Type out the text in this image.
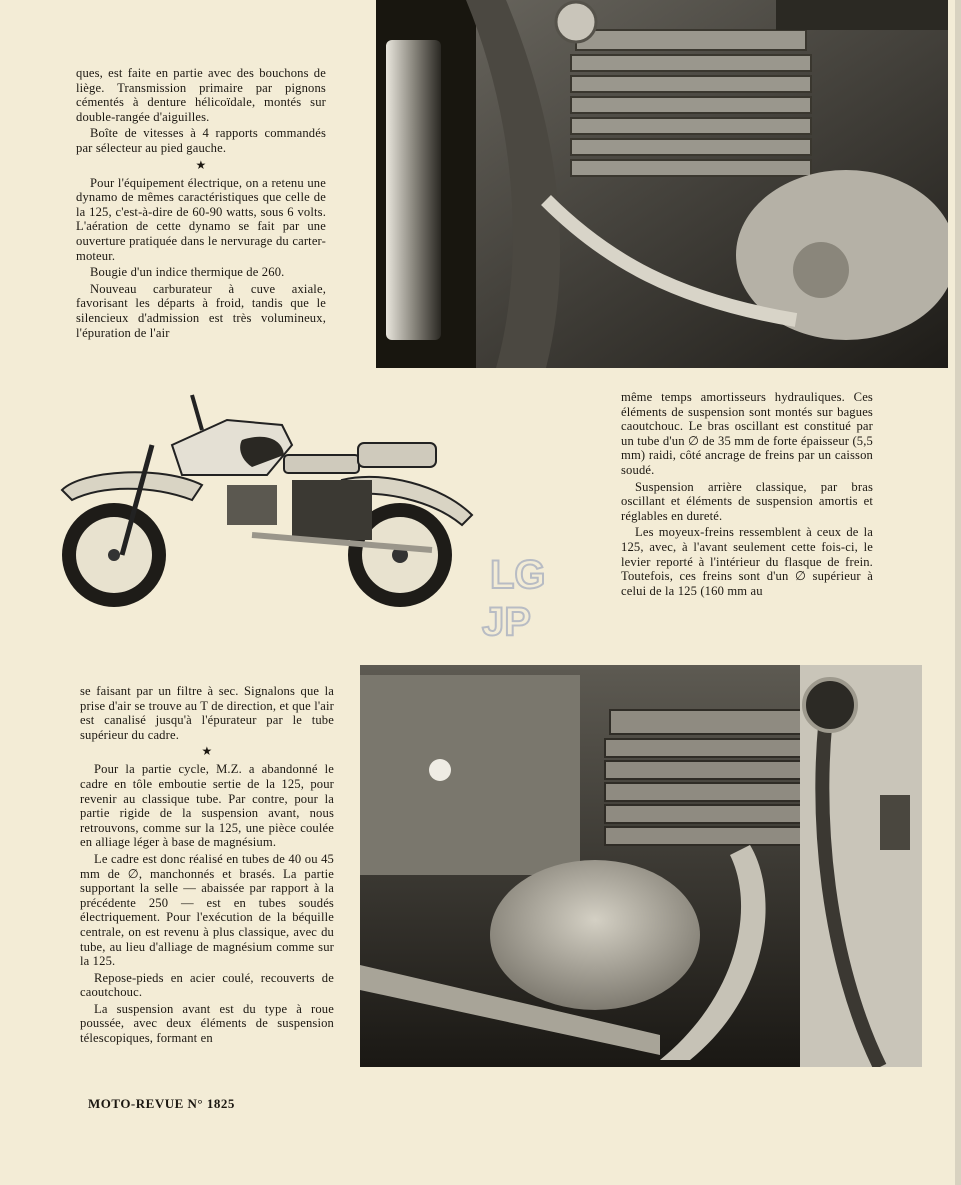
ques, est faite en partie avec des bouchons de liège. Transmission primaire par pignons cémentés à denture hélicoïdale, montés sur double-rangée d'aiguilles.

Boîte de vitesses à 4 rapports commandés par sélecteur au pied gauche.

★

Pour l'équipement électrique, on a retenu une dynamo de mêmes caractéristiques que celle de la 125, c'est-à-dire de 60-90 watts, sous 6 volts. L'aération de cette dynamo se fait par une ouverture pratiquée dans le nervurage du carter-moteur.

Bougie d'un indice thermique de 260.

Nouveau carburateur à cuve axiale, favorisant les départs à froid, tandis que le silencieux d'admission est très volumineux, l'épuration de l'air

LG
JP

même temps amortisseurs hydrauliques. Ces éléments de suspension sont montés sur bagues caoutchouc. Le bras oscillant est constitué par un tube d'un ∅ de 35 mm de forte épaisseur (5,5 mm) raidi, côté ancrage de freins par un caisson soudé.

Suspension arrière classique, par bras oscillant et éléments de suspension amortis et réglables en dureté.

Les moyeux-freins ressemblent à ceux de la 125, avec, à l'avant seulement cette fois-ci, le levier reporté à l'intérieur du flasque de frein. Toutefois, ces freins sont d'un ∅ supérieur à celui de la 125 (160 mm au

se faisant par un filtre à sec. Signalons que la prise d'air se trouve au T de direction, et que l'air est canalisé jusqu'à l'épurateur par le tube supérieur du cadre.

★

Pour la partie cycle, M.Z. a abandonné le cadre en tôle emboutie sertie de la 125, pour revenir au classique tube. Par contre, pour la partie rigide de la suspension avant, nous retrouvons, comme sur la 125, une pièce coulée en alliage léger à base de magnésium.

Le cadre est donc réalisé en tubes de 40 ou 45 mm de ∅, manchonnés et brasés. La partie supportant la selle — abaissée par rapport à la précédente 250 — est en tubes soudés électriquement. Pour l'exécution de la béquille centrale, on est revenu à plus classique, avec du tube, au lieu d'alliage de magnésium comme sur la 125.

Repose-pieds en acier coulé, recouverts de caoutchouc.

La suspension avant est du type à roue poussée, avec deux éléments de suspension télescopiques, formant en

MOTO-REVUE N° 1825
